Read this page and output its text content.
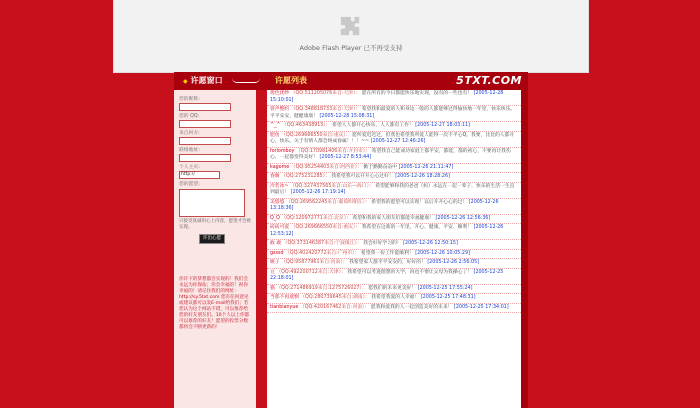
Adobe Flash Player 已不再受支持
◆ 许愿窗口	许愿列表	5TXT.COM
您的昵称:
您的 QQ:
来自何方:
联络地址:
个人主页:
http://
您的愿望:
只接受真诚用心上内容，愿望才会被实现。
许出心愿
你许下的梦想都会实现的！我们会永远为你保佑；你会幸福的！祝你幸福的！请记住我们的网址：http://sy.5txt.com 您有任何意见或建议都可以发E-mail给我们；若您认为这个网站不错，可以推荐给您的好友朋友们。10个人以上你都可以推荐的好友！愿望的投票分数都将会不断更新的！
倩色优纱 （QQ:511205076来自:天津）： 愿在所有的今日都能快乐地实现，没有的一些也有！ [2005-12-28 15:10:01]
曾声整约 （QQ:348818733来自:天津）： 希望我和最爱的人和身边一般的人都能够过得愉快地一年里，快乐快乐。平平安安，健健康康！ [2005-12-28 15:08:31]
^_^ （QQ:463438915）： 希望人人都开心快乐，人人都有工作！ [2005-12-27 18:03:11]
肥鱼 （QQ:269666550来自:重庆）： 愿所爱迟迟过，但我也希望我所爱人能得一次不平心Q。我要，比比的人都开心，快乐。关于有情人都会终成眷属！！！~~ [2005-12-27 12:46:26]
forlomboy （QQ:170981406来自:开封市）： 希望我自己能成功家庭上都平安，都能，都的初心，不要再让我伤心，一起都变得美好！ [2005-12-27 8:53:44]
kagome （QQ:95254403来自:阿西亚）： 勤于勤勤奋奋中 [2005-12-26 21:11:47]
春晴 （QQ:275231285）： 我希望我可以开开心心过好！ [2005-12-26 18:28:26]
冷若冰~ （QQ:327437565来自:山东—海口）： 希望能够和我的爸爸（妈）永远在一起一辈子，快乐的生活一生直到最后！ [2005-12-26 17:19:14]
美悠悠 （QQ:269562245来自:葡萄明朝在）： 希望我的愿望可以实现！以后开开心心的过！ [2005-12-26 13:18:36]
Q_Q （QQ:120972771来自:北京）： 希望和我的家人朋友们都能幸福健康！ [2005-12-26 12:56:36]
砖砖可爱 （QQ:269666550来自:重庆）： 我希望在这新的一年里，开心、健康、平安、顺利！ [2005-12-26 12:53:12]
敢 敢 （QQ:373146387来自:宁波镇江）： 我会好好学习的！ [2005-12-26 12:50:15]
gsssd （QQ:402420772来自:广州市）： 希望我一份工作能顺利！ [2005-12-26 10:05:29]
映子 （QQ:95877961来自:河南）： 我希望家人都平平安安的，好好的！ [2005-12-26 2:56:05]
豆 （QQ:492200712来自:天津）： 我希望可以考进理想的大学，再也不要让父母为我操心了！ [2005-12-25 22:18:01]
猫 （QQ:271486919来自:1275726027）： 愿我们的未来更美好！ [2005-12-25 17:55:24]
当那不再迷惘 （QQ:280739645来自:湖南）： 我希望我爱的人幸福！ [2005-12-25 17:48:31]
tianbianyue （QQ:420167462来自:河南）： 愿我和爱我的人一起创造美好的未来！ [2005-12-25 17:34:01]
